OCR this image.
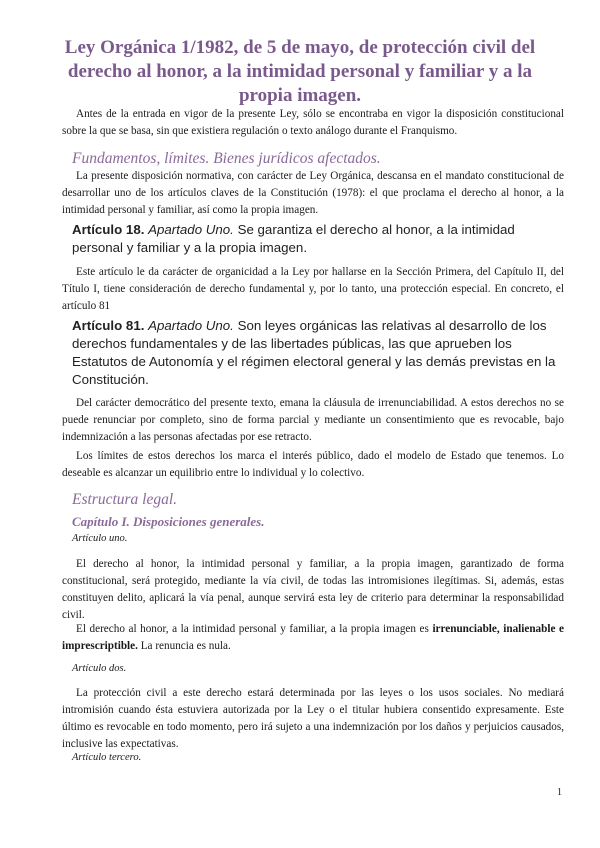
Ley Orgánica 1/1982, de 5 de mayo, de protección civil del derecho al honor, a la intimidad personal y familiar y a la propia imagen.

Antes de la entrada en vigor de la presente Ley, sólo se encontraba en vigor la disposición constitucional sobre la que se basa, sin que existiera regulación o texto análogo durante el Franquismo.

Fundamentos, límites. Bienes jurídicos afectados.

La presente disposición normativa, con carácter de Ley Orgánica, descansa en el mandato constitucional de desarrollar uno de los artículos claves de la Constitución (1978): el que proclama el derecho al honor, a la intimidad personal y familiar, así como la propia imagen.

Artículo 18. Apartado Uno. Se garantiza el derecho al honor, a la intimidad personal y familiar y a la propia imagen.

Este artículo le da carácter de organicidad a la Ley por hallarse en la Sección Primera, del Capítulo II, del Título I, tiene consideración de derecho fundamental y, por lo tanto, una protección especial. En concreto, el artículo 81

Artículo 81. Apartado Uno. Son leyes orgánicas las relativas al desarrollo de los derechos fundamentales y de las libertades públicas, las que aprueben los Estatutos de Autonomía y el régimen electoral general y las demás previstas en la Constitución.

Del carácter democrático del presente texto, emana la cláusula de irrenunciabilidad. A estos derechos no se puede renunciar por completo, sino de forma parcial y mediante un consentimiento que es revocable, bajo indemnización a las personas afectadas por ese retracto.

Los límites de estos derechos los marca el interés público, dado el modelo de Estado que tenemos. Lo deseable es alcanzar un equilibrio entre lo individual y lo colectivo.

Estructura legal.
Capítulo I. Disposiciones generales.
Artículo uno.

El derecho al honor, la intimidad personal y familiar, a la propia imagen, garantizado de forma constitucional, será protegido, mediante la vía civil, de todas las intromisiones ilegítimas. Si, además, estas constituyen delito, aplicará la vía penal, aunque servirá esta ley de criterio para determinar la responsabilidad civil.

El derecho al honor, a la intimidad personal y familiar, a la propia imagen es irrenunciable, inalienable e imprescriptible. La renuncia es nula.

Artículo dos.

La protección civil a este derecho estará determinada por las leyes o los usos sociales. No mediará intromisión cuando ésta estuviera autorizada por la Ley o el titular hubiera consentido expresamente. Este último es revocable en todo momento, pero irá sujeto a una indemnización por los daños y perjuicios causados, inclusive las expectativas.

Artículo tercero.
1
